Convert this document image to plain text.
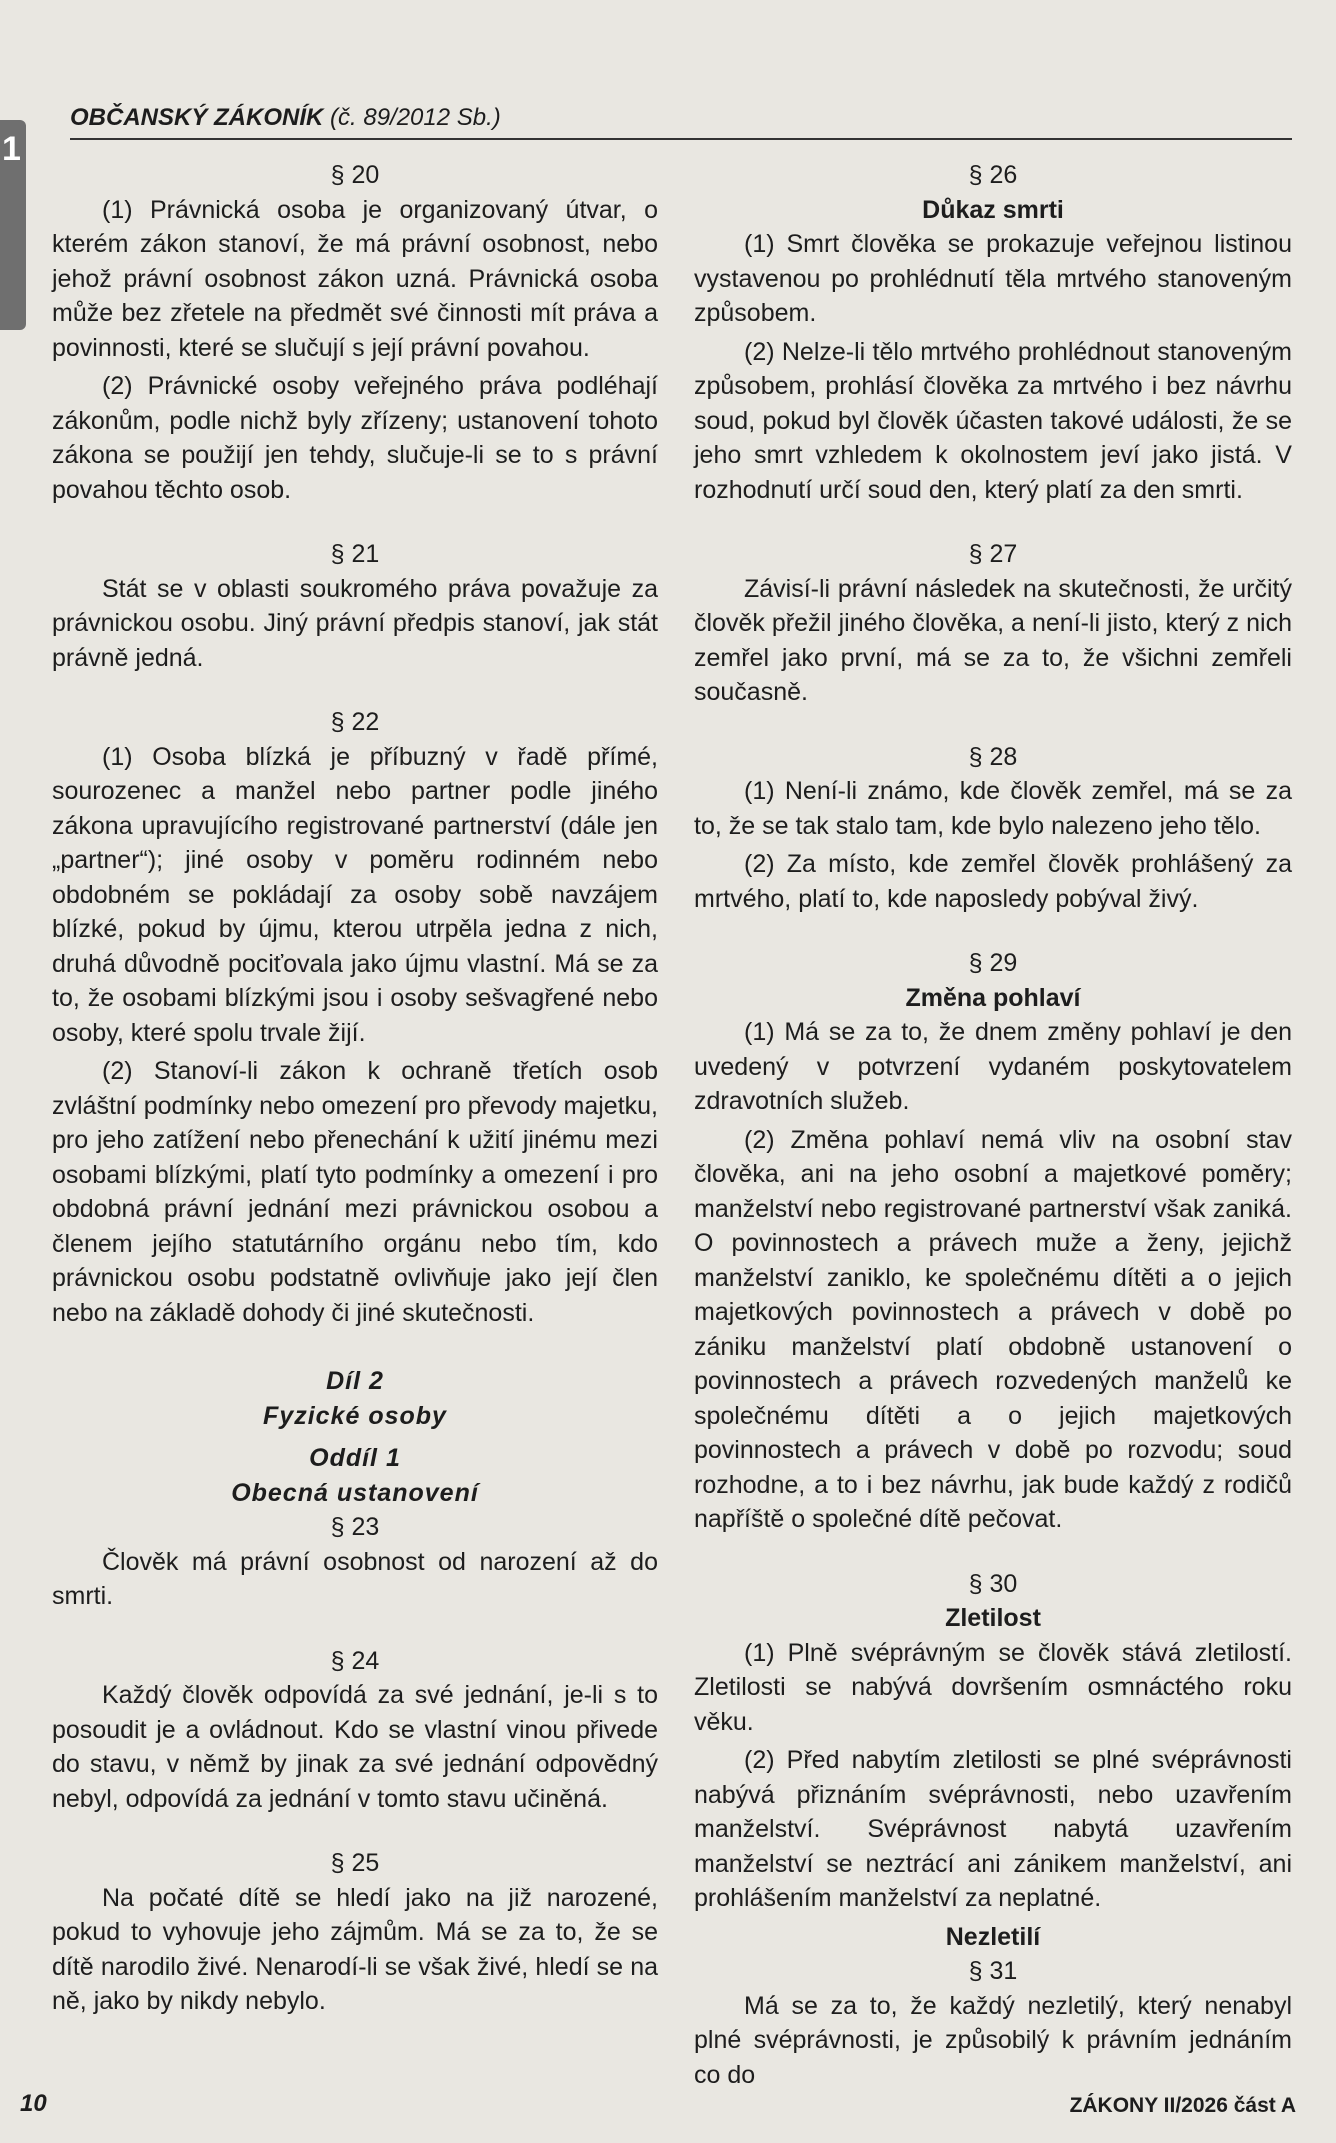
1
OBČANSKÝ ZÁKONÍK (č. 89/2012 Sb.)

§ 20

(1) Právnická osoba je organizovaný útvar, o kterém zákon stanoví, že má právní osobnost, nebo jehož právní osobnost zákon uzná. Právnická osoba může bez zřetele na předmět své činnosti mít práva a povinnosti, které se slučují s její právní povahou.

(2) Právnické osoby veřejného práva podléhají zákonům, podle nichž byly zřízeny; ustanovení tohoto zákona se použijí jen tehdy, slučuje-li se to s právní povahou těchto osob.

§ 21

Stát se v oblasti soukromého práva považuje za právnickou osobu. Jiný právní předpis stanoví, jak stát právně jedná.

§ 22

(1) Osoba blízká je příbuzný v řadě přímé, sourozenec a manžel nebo partner podle jiného zákona upravujícího registrované partnerství (dále jen „partner“); jiné osoby v poměru rodinném nebo obdobném se pokládají za osoby sobě navzájem blízké, pokud by újmu, kterou utrpěla jedna z nich, druhá důvodně pociťovala jako újmu vlastní. Má se za to, že osobami blízkými jsou i osoby sešvagřené nebo osoby, které spolu trvale žijí.

(2) Stanoví-li zákon k ochraně třetích osob zvláštní podmínky nebo omezení pro převody majetku, pro jeho zatížení nebo přenechání k užití jinému mezi osobami blízkými, platí tyto podmínky a omezení i pro obdobná právní jednání mezi právnickou osobou a členem jejího statutárního orgánu nebo tím, kdo právnickou osobu podstatně ovlivňuje jako její člen nebo na základě dohody či jiné skutečnosti.

Díl 2

Fyzické osoby

Oddíl 1

Obecná ustanovení

§ 23

Člověk má právní osobnost od narození až do smrti.

§ 24

Každý člověk odpovídá za své jednání, je-li s to posoudit je a ovládnout. Kdo se vlastní vinou přivede do stavu, v němž by jinak za své jednání odpovědný nebyl, odpovídá za jednání v tomto stavu učiněná.

§ 25

Na počaté dítě se hledí jako na již narozené, pokud to vyhovuje jeho zájmům. Má se za to, že se dítě narodilo živé. Nenarodí-li se však živé, hledí se na ně, jako by nikdy nebylo.

§ 26

Důkaz smrti

(1) Smrt člověka se prokazuje veřejnou listinou vystavenou po prohlédnutí těla mrtvého stanoveným způsobem.

(2) Nelze-li tělo mrtvého prohlédnout stanoveným způsobem, prohlásí člověka za mrtvého i bez návrhu soud, pokud byl člověk účasten takové události, že se jeho smrt vzhledem k okolnostem jeví jako jistá. V rozhodnutí určí soud den, který platí za den smrti.

§ 27

Závisí-li právní následek na skutečnosti, že určitý člověk přežil jiného člověka, a není-li jisto, který z nich zemřel jako první, má se za to, že všichni zemřeli současně.

§ 28

(1) Není-li známo, kde člověk zemřel, má se za to, že se tak stalo tam, kde bylo nalezeno jeho tělo.

(2) Za místo, kde zemřel člověk prohlášený za mrtvého, platí to, kde naposledy pobýval živý.

§ 29

Změna pohlaví

(1) Má se za to, že dnem změny pohlaví je den uvedený v potvrzení vydaném poskytovatelem zdravotních služeb.

(2) Změna pohlaví nemá vliv na osobní stav člověka, ani na jeho osobní a majetkové poměry; manželství nebo registrované partnerství však zaniká. O povinnostech a právech muže a ženy, jejichž manželství zaniklo, ke společnému dítěti a o jejich majetkových povinnostech a právech v době po zániku manželství platí obdobně ustanovení o povinnostech a právech rozvedených manželů ke společnému dítěti a o jejich majetkových povinnostech a právech v době po rozvodu; soud rozhodne, a to i bez návrhu, jak bude každý z rodičů napříště o společné dítě pečovat.

§ 30

Zletilost

(1) Plně svéprávným se člověk stává zletilostí. Zletilosti se nabývá dovršením osmnáctého roku věku.

(2) Před nabytím zletilosti se plné svéprávnosti nabývá přiznáním svéprávnosti, nebo uzavřením manželství. Svéprávnost nabytá uzavřením manželství se neztrácí ani zánikem manželství, ani prohlášením manželství za neplatné.

Nezletilí

§ 31

Má se za to, že každý nezletilý, který nenabyl plné svéprávnosti, je způsobilý k právním jednáním co do

10	ZÁKONY II/2026 část A
